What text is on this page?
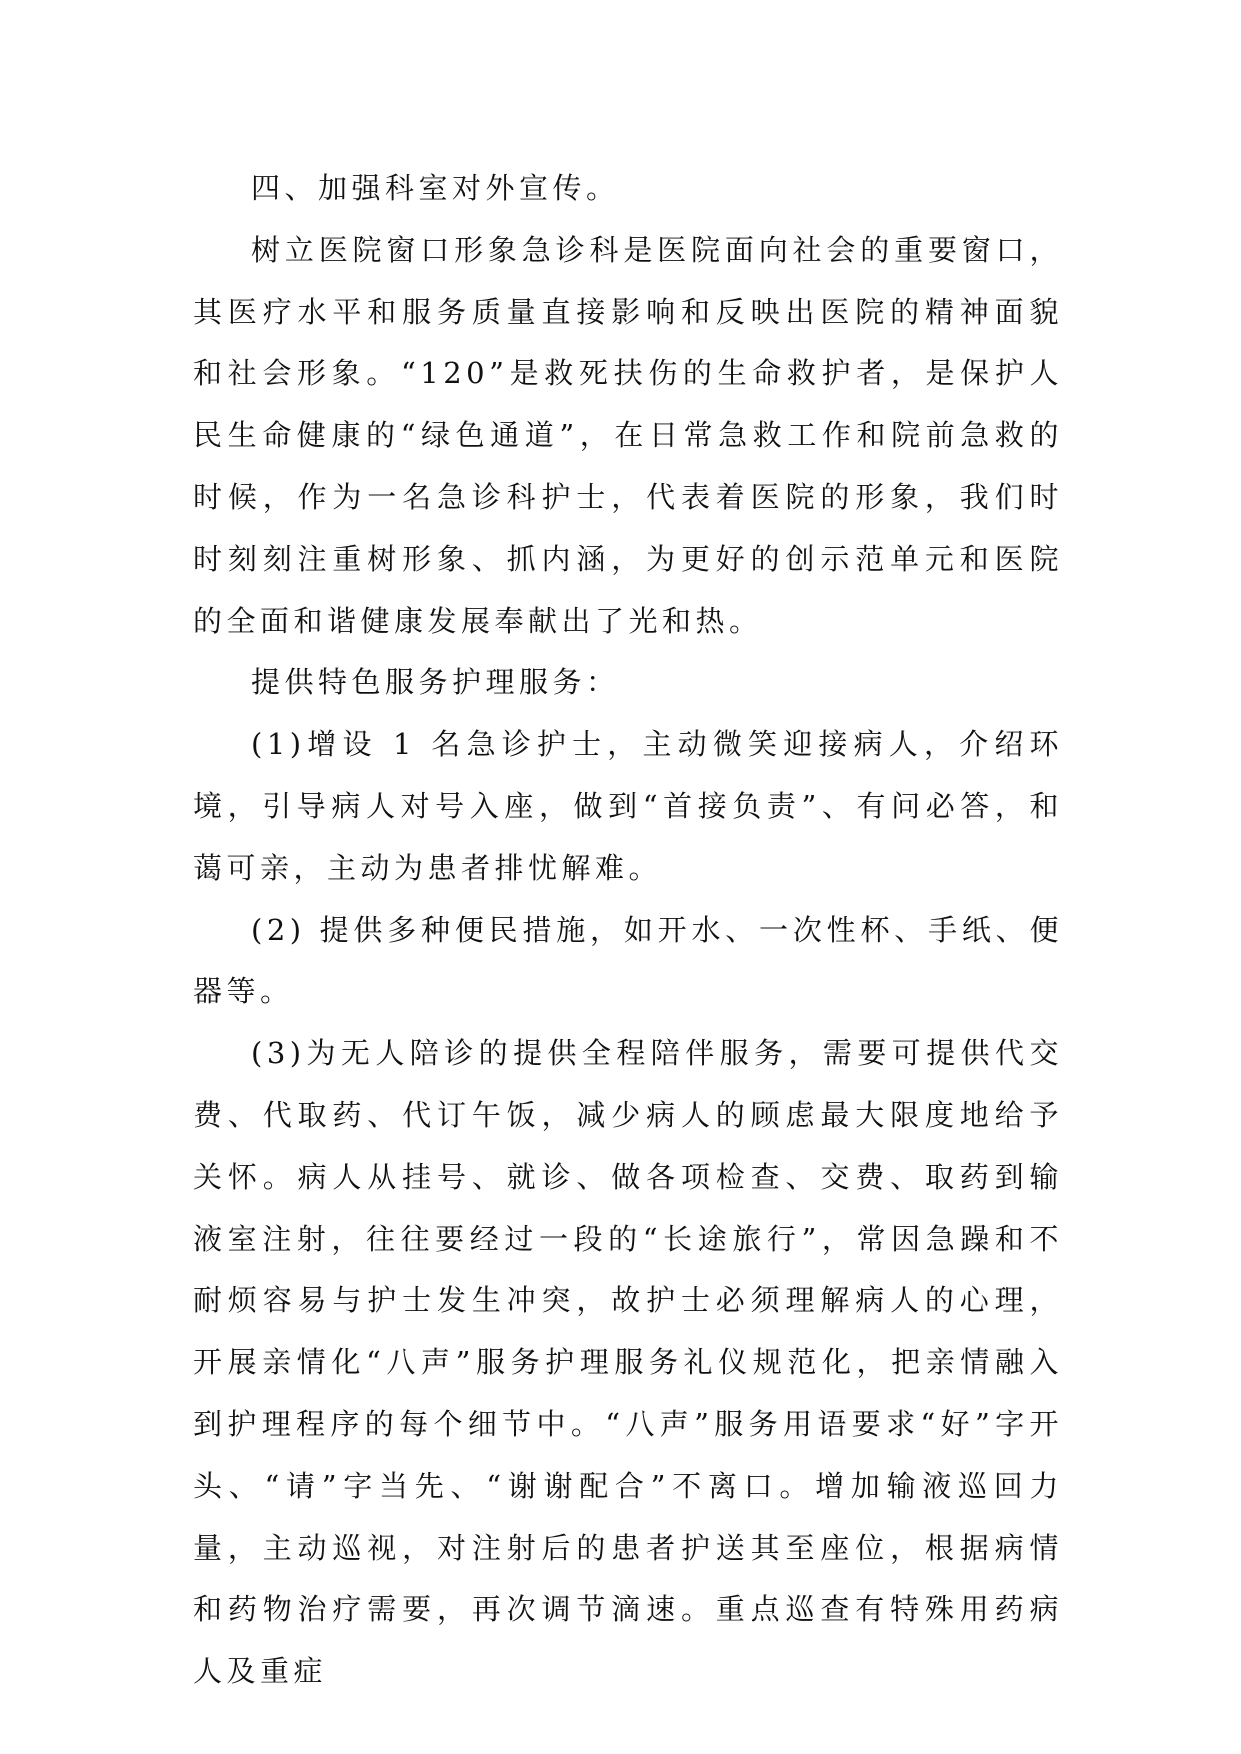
四、加强科室对外宣传。

树立医院窗口形象急诊科是医院面向社会的重要窗口，其医疗水平和服务质量直接影响和反映出医院的精神面貌和社会形象。“120”是救死扶伤的生命救护者，是保护人民生命健康的“绿色通道”，在日常急救工作和院前急救的时候，作为一名急诊科护士，代表着医院的形象，我们时时刻刻注重树形象、抓内涵，为更好的创示范单元和医院的全面和谐健康发展奉献出了光和热。

提供特色服务护理服务：

(1)增设 1 名急诊护士，主动微笑迎接病人，介绍环境，引导病人对号入座，做到“首接负责”、有问必答，和蔼可亲，主动为患者排忧解难。

(2) 提供多种便民措施，如开水、一次性杯、手纸、便器等。

(3)为无人陪诊的提供全程陪伴服务，需要可提供代交费、代取药、代订午饭，减少病人的顾虑最大限度地给予关怀。病人从挂号、就诊、做各项检查、交费、取药到输液室注射，往往要经过一段的“长途旅行”，常因急躁和不耐烦容易与护士发生冲突，故护士必须理解病人的心理，开展亲情化“八声”服务护理服务礼仪规范化，把亲情融入到护理程序的每个细节中。“八声”服务用语要求“好”字开头、“请”字当先、“谢谢配合”不离口。增加输液巡回力量，主动巡视，对注射后的患者护送其至座位，根据病情和药物治疗需要，再次调节滴速。重点巡查有特殊用药病人及重症
